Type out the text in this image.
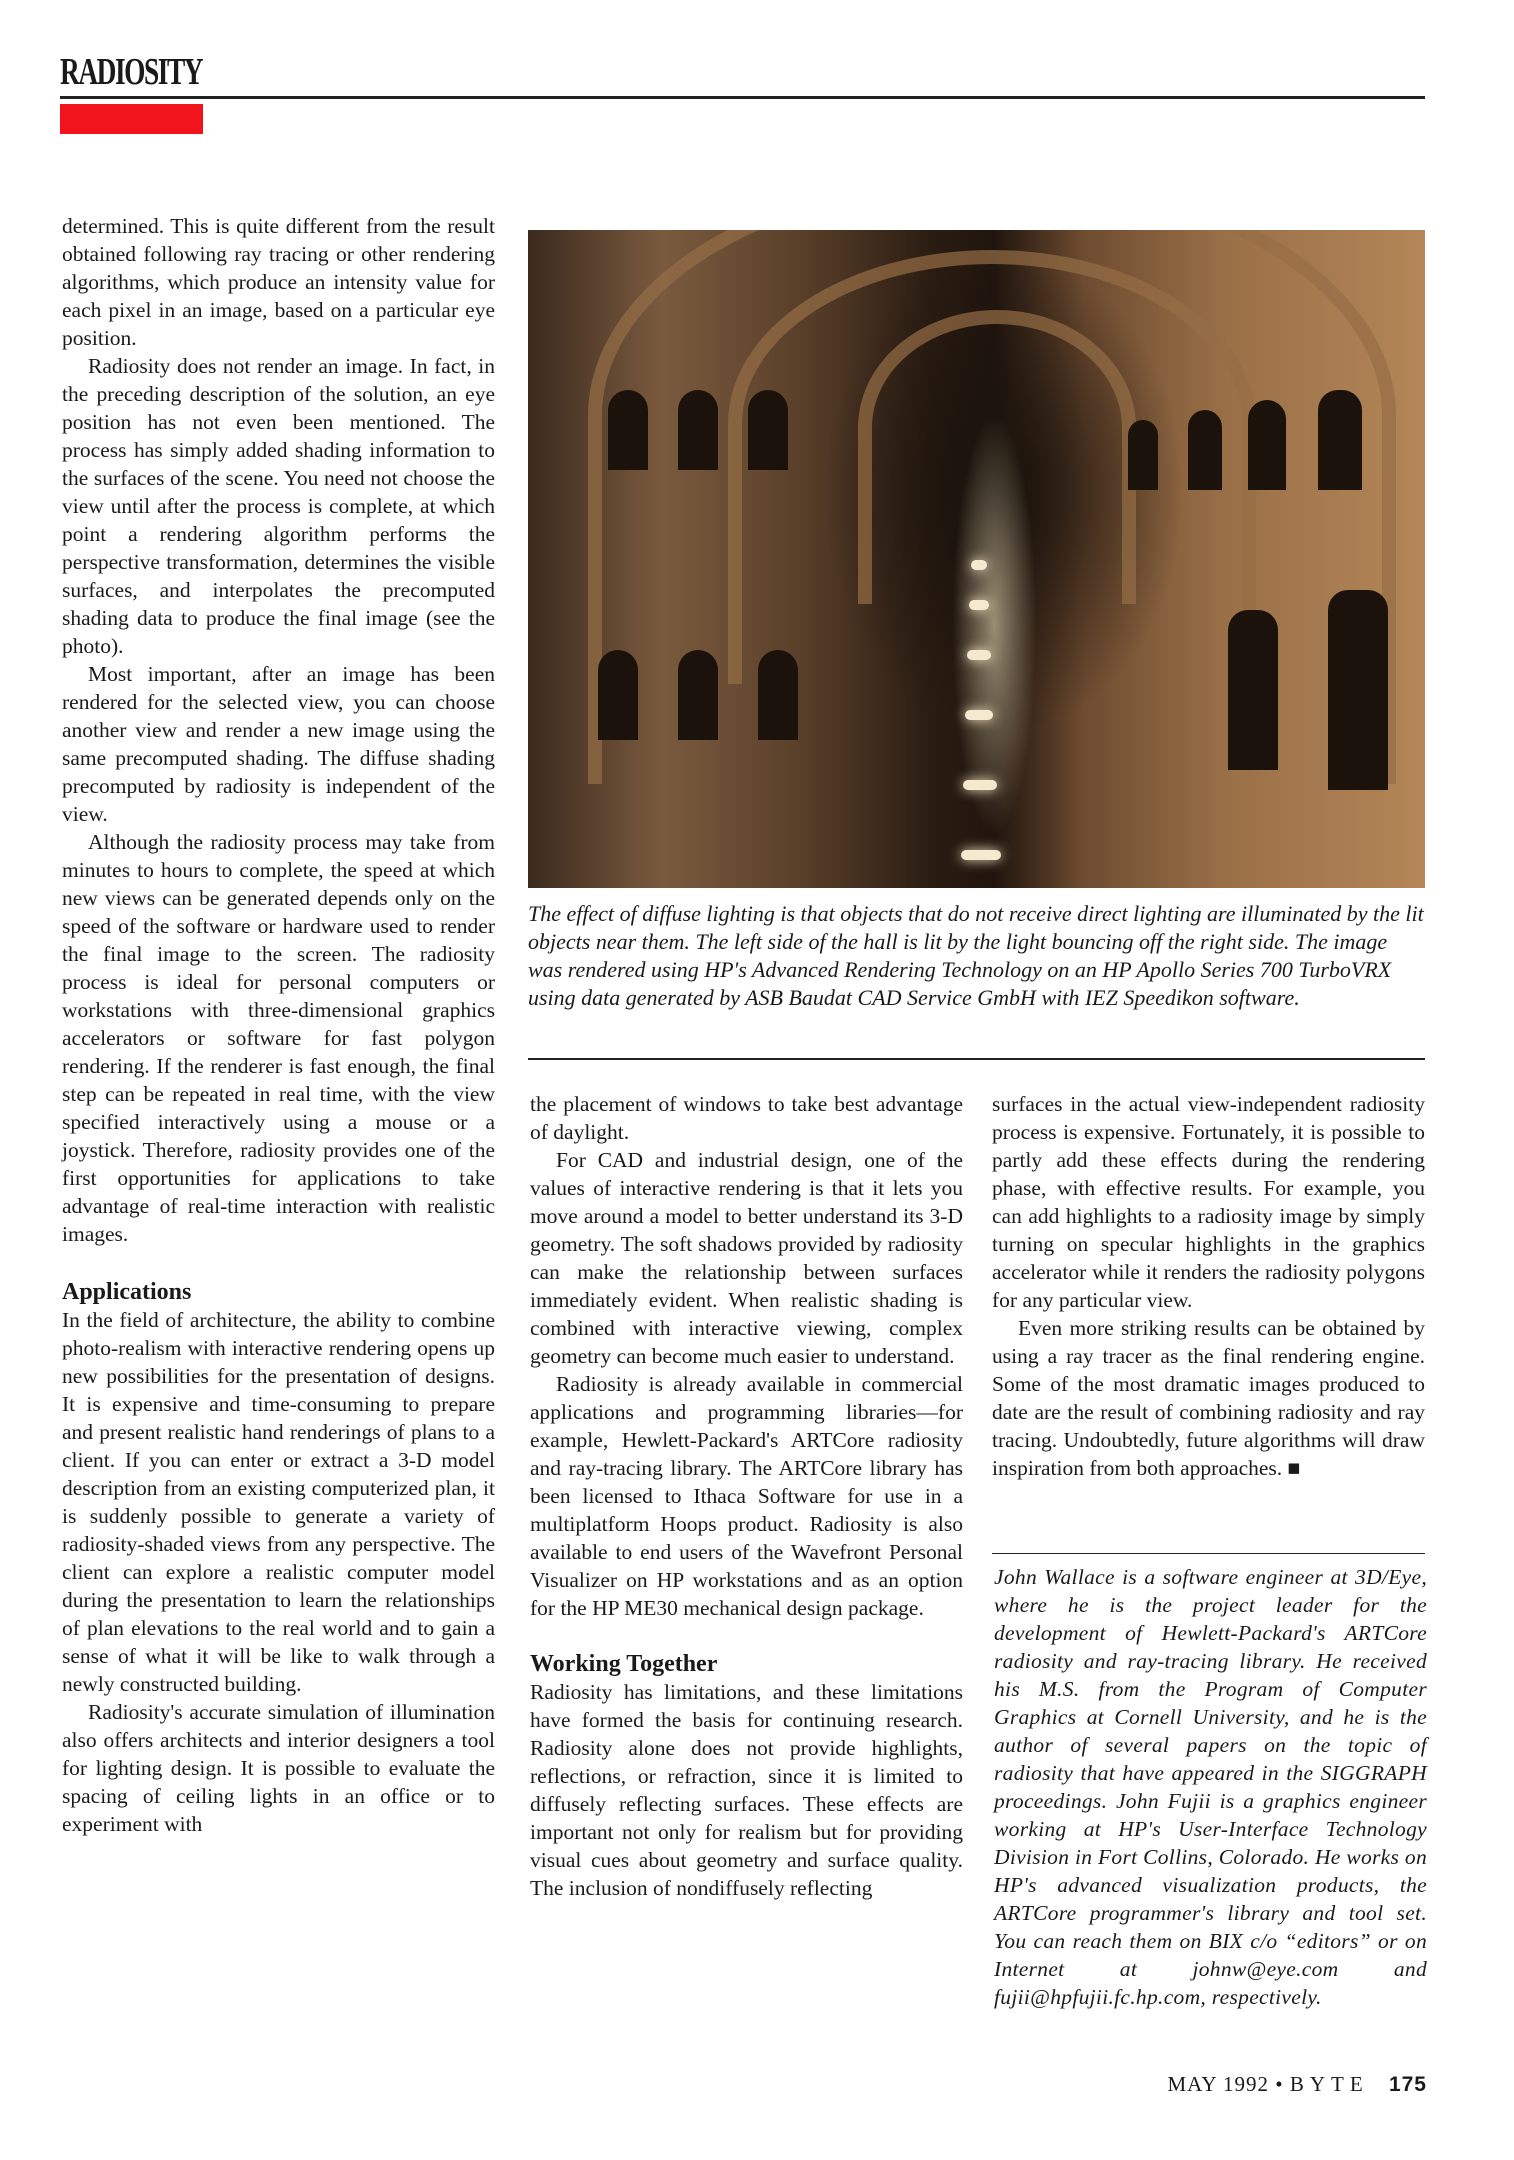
RADIOSITY

determined. This is quite different from the result obtained following ray tracing or other rendering algorithms, which produce an intensity value for each pixel in an image, based on a particular eye position.

Radiosity does not render an image. In fact, in the preceding description of the solution, an eye position has not even been mentioned. The process has simply added shading information to the surfaces of the scene. You need not choose the view until after the process is complete, at which point a rendering algorithm performs the perspective transformation, determines the visible surfaces, and interpolates the precomputed shading data to produce the final image (see the photo).

Most important, after an image has been rendered for the selected view, you can choose another view and render a new image using the same precomputed shading. The diffuse shading precomputed by radiosity is independent of the view.

Although the radiosity process may take from minutes to hours to complete, the speed at which new views can be generated depends only on the speed of the software or hardware used to render the final image to the screen. The radiosity process is ideal for personal computers or workstations with three-dimensional graphics accelerators or software for fast polygon rendering. If the renderer is fast enough, the final step can be repeated in real time, with the view specified interactively using a mouse or a joystick. Therefore, radiosity provides one of the first opportunities for applications to take advantage of real-time interaction with realistic images.

Applications

In the field of architecture, the ability to combine photo-realism with interactive rendering opens up new possibilities for the presentation of designs. It is expensive and time-consuming to prepare and present realistic hand renderings of plans to a client. If you can enter or extract a 3-D model description from an existing computerized plan, it is suddenly possible to generate a variety of radiosity-shaded views from any perspective. The client can explore a realistic computer model during the presentation to learn the relationships of plan elevations to the real world and to gain a sense of what it will be like to walk through a newly constructed building.

Radiosity's accurate simulation of illumination also offers architects and interior designers a tool for lighting design. It is possible to evaluate the spacing of ceiling lights in an office or to experiment with

The effect of diffuse lighting is that objects that do not receive direct lighting are illuminated by the lit objects near them. The left side of the hall is lit by the light bouncing off the right side. The image was rendered using HP's Advanced Rendering Technology on an HP Apollo Series 700 TurboVRX using data generated by ASB Baudat CAD Service GmbH with IEZ Speedikon software.

the placement of windows to take best advantage of daylight.

For CAD and industrial design, one of the values of interactive rendering is that it lets you move around a model to better understand its 3-D geometry. The soft shadows provided by radiosity can make the relationship between surfaces immediately evident. When realistic shading is combined with interactive viewing, complex geometry can become much easier to understand.

Radiosity is already available in commercial applications and programming libraries—for example, Hewlett-Packard's ARTCore radiosity and ray-tracing library. The ARTCore library has been licensed to Ithaca Software for use in a multiplatform Hoops product. Radiosity is also available to end users of the Wavefront Personal Visualizer on HP workstations and as an option for the HP ME30 mechanical design package.

Working Together

Radiosity has limitations, and these limitations have formed the basis for continuing research. Radiosity alone does not provide highlights, reflections, or refraction, since it is limited to diffusely reflecting surfaces. These effects are important not only for realism but for providing visual cues about geometry and surface quality. The inclusion of nondiffusely reflecting

surfaces in the actual view-independent radiosity process is expensive. Fortunately, it is possible to partly add these effects during the rendering phase, with effective results. For example, you can add highlights to a radiosity image by simply turning on specular highlights in the graphics accelerator while it renders the radiosity polygons for any particular view.

Even more striking results can be obtained by using a ray tracer as the final rendering engine. Some of the most dramatic images produced to date are the result of combining radiosity and ray tracing. Undoubtedly, future algorithms will draw inspiration from both approaches. ■

John Wallace is a software engineer at 3D/Eye, where he is the project leader for the development of Hewlett-Packard's ARTCore radiosity and ray-tracing library. He received his M.S. from the Program of Computer Graphics at Cornell University, and he is the author of several papers on the topic of radiosity that have appeared in the SIGGRAPH proceedings. John Fujii is a graphics engineer working at HP's User-Interface Technology Division in Fort Collins, Colorado. He works on HP's advanced visualization products, the ARTCore programmer's library and tool set. You can reach them on BIX c/o “editors” or on Internet at johnw@eye.com and fujii@hpfujii.fc.hp.com, respectively.
MAY 1992 • BYTE 175
